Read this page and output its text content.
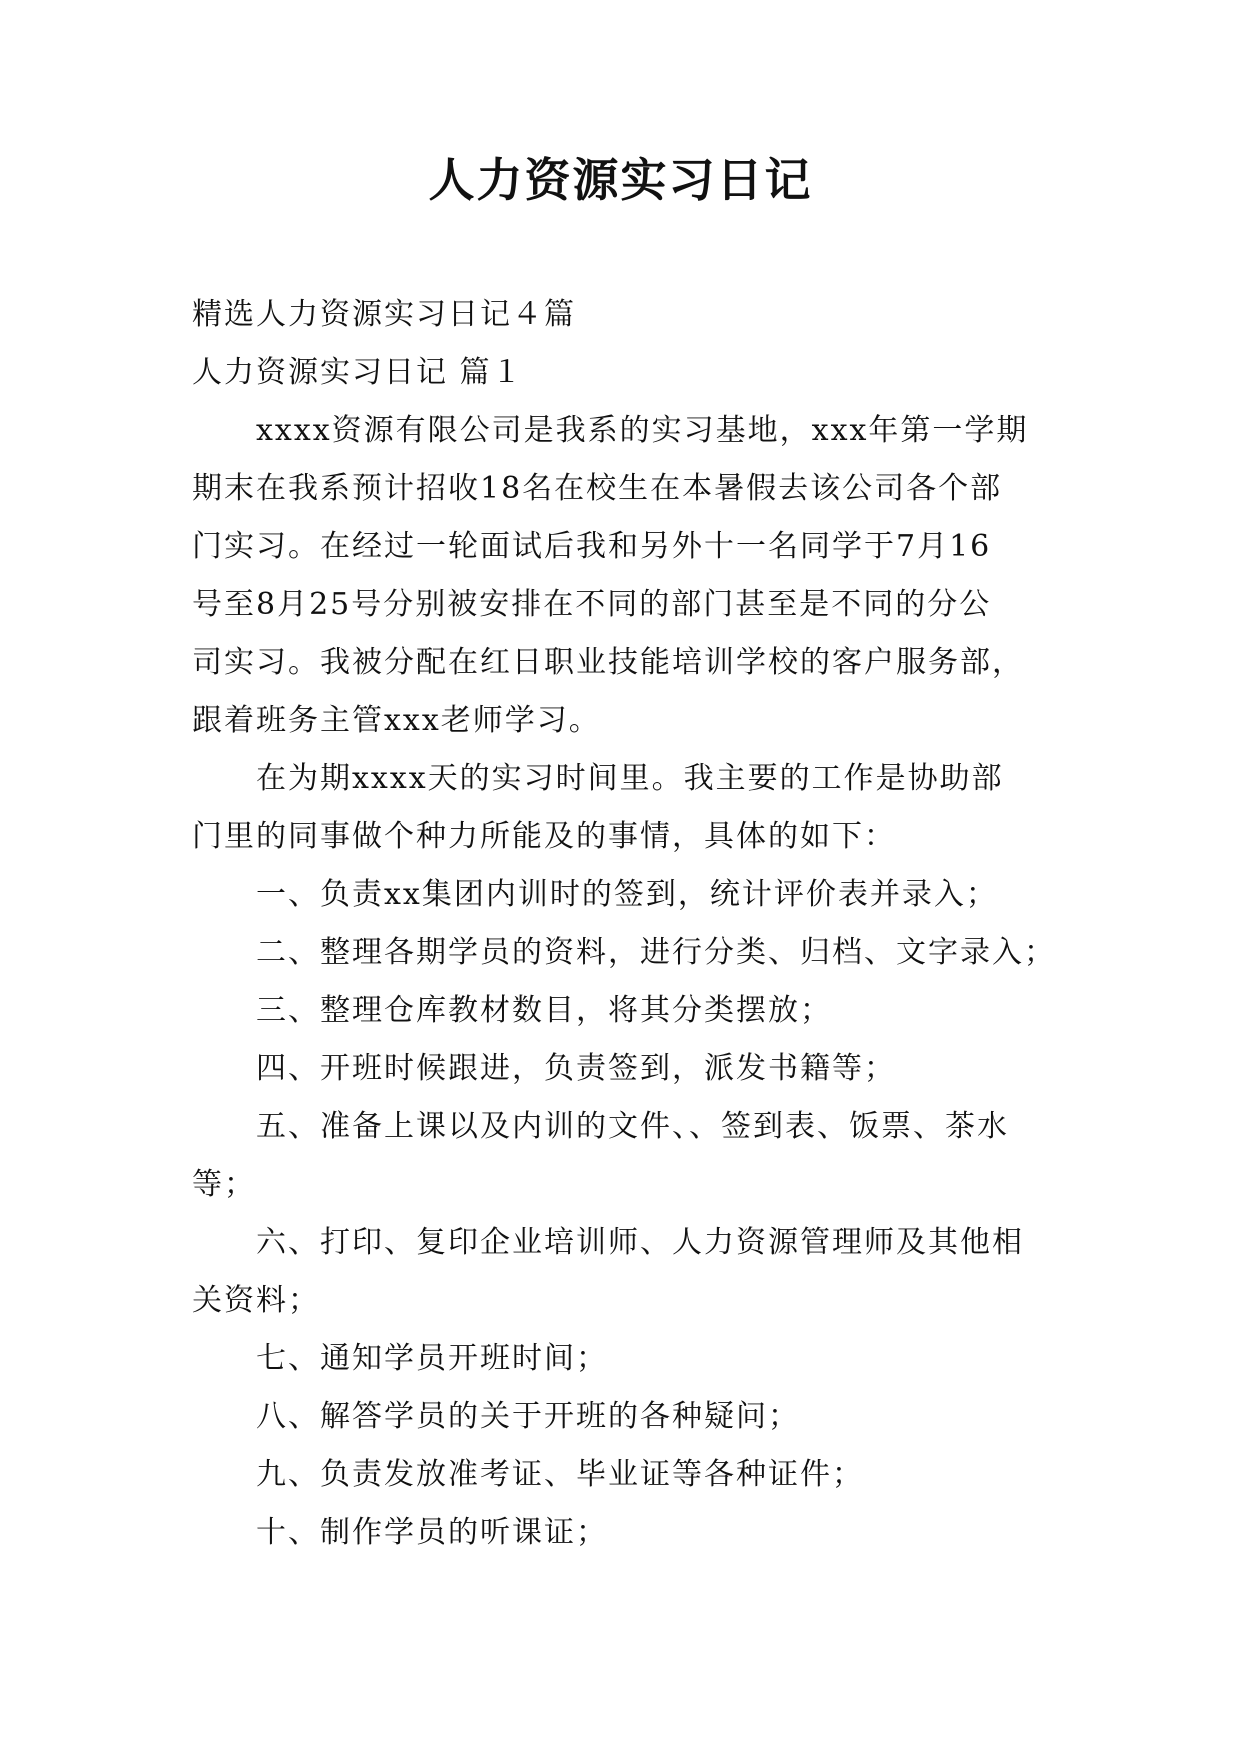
人力资源实习日记
精选人力资源实习日记４篇
人力资源实习日记 篇１
xxxx资源有限公司是我系的实习基地，xxx年第一学期
期末在我系预计招收18名在校生在本暑假去该公司各个部
门实习。在经过一轮面试后我和另外十一名同学于7月16
号至8月25号分别被安排在不同的部门甚至是不同的分公
司实习。我被分配在红日职业技能培训学校的客户服务部，
跟着班务主管xxx老师学习。
在为期xxxx天的实习时间里。我主要的工作是协助部
门里的同事做个种力所能及的事情，具体的如下：
一、负责xx集团内训时的签到，统计评价表并录入；
二、整理各期学员的资料，进行分类、归档、文字录入；
三、整理仓库教材数目，将其分类摆放；
四、开班时候跟进，负责签到，派发书籍等；
五、准备上课以及内训的文件、、签到表、饭票、茶水
等；
六、打印、复印企业培训师、人力资源管理师及其他相
关资料；
七、通知学员开班时间；
八、解答学员的关于开班的各种疑问；
九、负责发放准考证、毕业证等各种证件；
十、制作学员的听课证；
